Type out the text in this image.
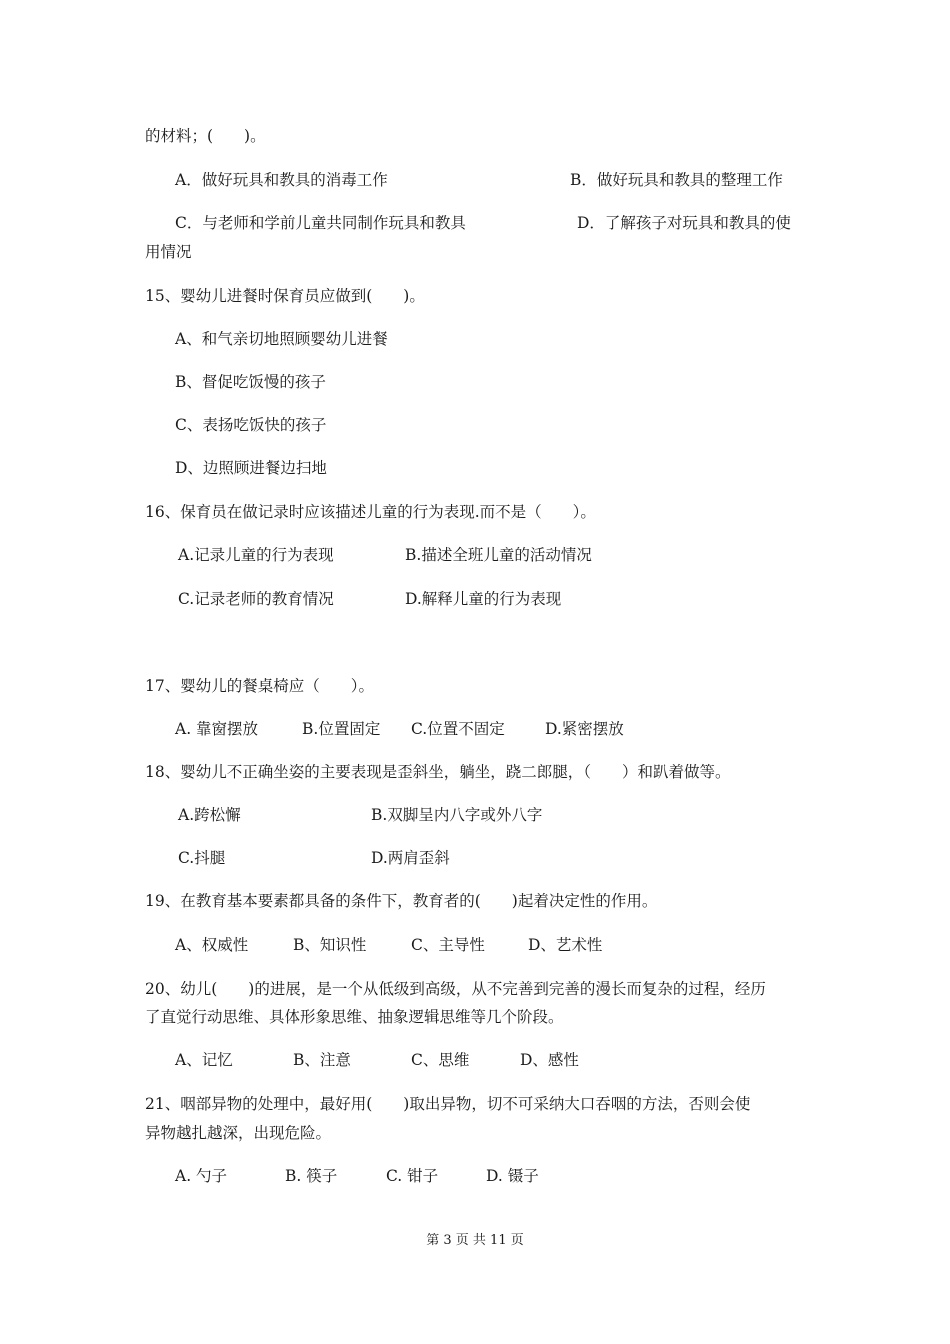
的材料；(　　)。
A．做好玩具和教具的消毒工作	B．做好玩具和教具的整理工作
C．与老师和学前儿童共同制作玩具和教具	D．了解孩子对玩具和教具的使
用情况
15、婴幼儿进餐时保育员应做到(　　)。
A、和气亲切地照顾婴幼儿进餐
B、督促吃饭慢的孩子
C、表扬吃饭快的孩子
D、边照顾进餐边扫地
16、保育员在做记录时应该描述儿童的行为表现.而不是（　　）。
A.记录儿童的行为表现	B.描述全班儿童的活动情况
C.记录老师的教育情况	D.解释儿童的行为表现
17、婴幼儿的餐桌椅应（　　）。
A. 靠窗摆放	B.位置固定 C.位置不固定	D.紧密摆放
18、婴幼儿不正确坐姿的主要表现是歪斜坐，躺坐，跷二郎腿，（　　）和趴着做等。
A.跨松懈	B.双脚呈内八字或外八字
C.抖腿	D.两肩歪斜
19、在教育基本要素都具备的条件下，教育者的(　　)起着决定性的作用。
A、权威性	B、知识性	C、主导性	D、艺术性
20、幼儿(　　)的进展，是一个从低级到高级，从不完善到完善的漫长而复杂的过程，经历
了直觉行动思维、具体形象思维、抽象逻辑思维等几个阶段。
A、记忆	B、注意	C、思维	D、感性
21、咽部异物的处理中，最好用(　　)取出异物，切不可采纳大口吞咽的方法，否则会使
异物越扎越深，出现危险。
A. 勺子	B. 筷子	C. 钳子	D. 镊子
第 3 页 共 11 页
